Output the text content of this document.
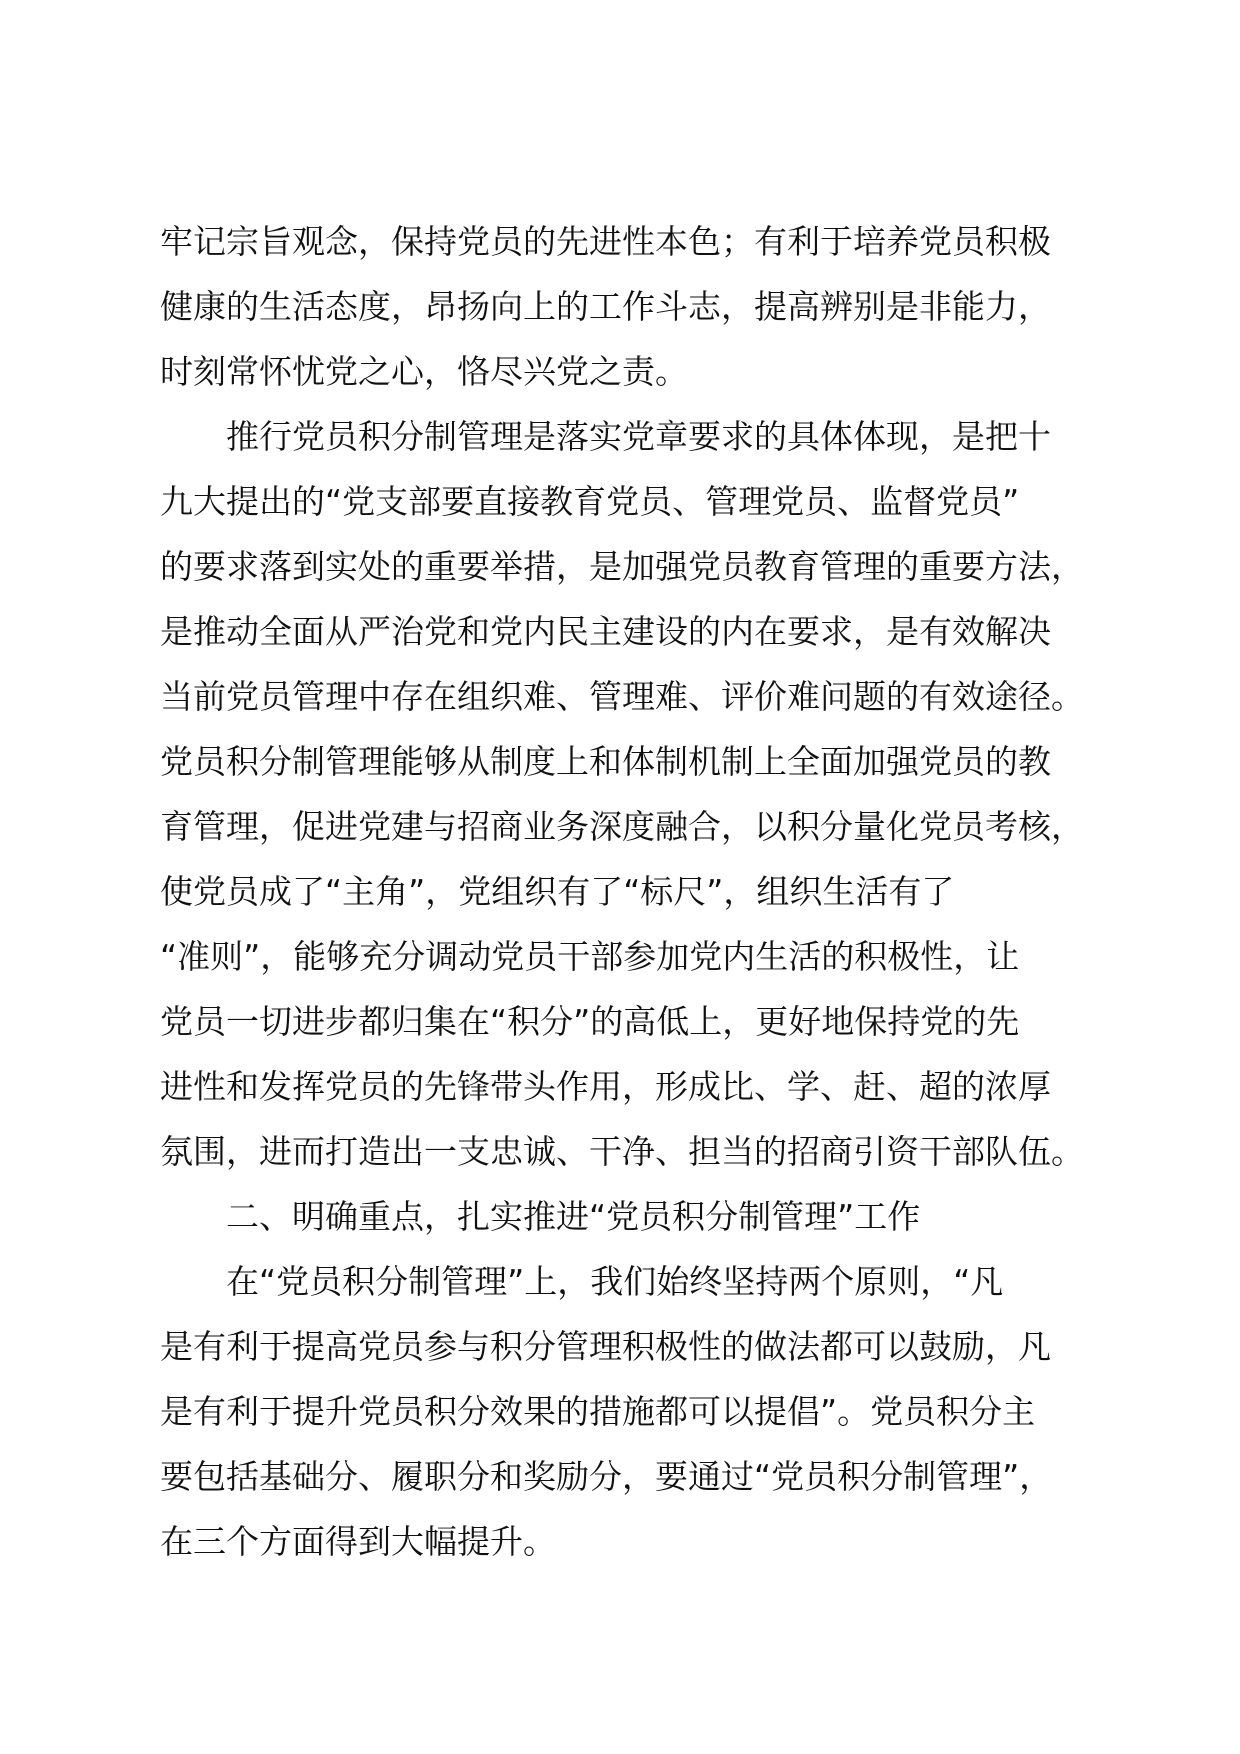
牢记宗旨观念，保持党员的先进性本色；有利于培养党员积极
健康的生活态度，昂扬向上的工作斗志，提高辨别是非能力，
时刻常怀忧党之心，恪尽兴党之责。
推行党员积分制管理是落实党章要求的具体体现，是把十
九大提出的“党支部要直接教育党员、管理党员、监督党员”
的要求落到实处的重要举措，是加强党员教育管理的重要方法，
是推动全面从严治党和党内民主建设的内在要求，是有效解决
当前党员管理中存在组织难、管理难、评价难问题的有效途径。
党员积分制管理能够从制度上和体制机制上全面加强党员的教
育管理，促进党建与招商业务深度融合，以积分量化党员考核，
使党员成了“主角”，党组织有了“标尺”，组织生活有了
“准则”，能够充分调动党员干部参加党内生活的积极性，让
党员一切进步都归集在“积分”的高低上，更好地保持党的先
进性和发挥党员的先锋带头作用，形成比、学、赶、超的浓厚
氛围，进而打造出一支忠诚、干净、担当的招商引资干部队伍。
二、明确重点，扎实推进“党员积分制管理”工作
在“党员积分制管理”上，我们始终坚持两个原则，“凡
是有利于提高党员参与积分管理积极性的做法都可以鼓励，凡
是有利于提升党员积分效果的措施都可以提倡”。党员积分主
要包括基础分、履职分和奖励分，要通过“党员积分制管理”，
在三个方面得到大幅提升。
